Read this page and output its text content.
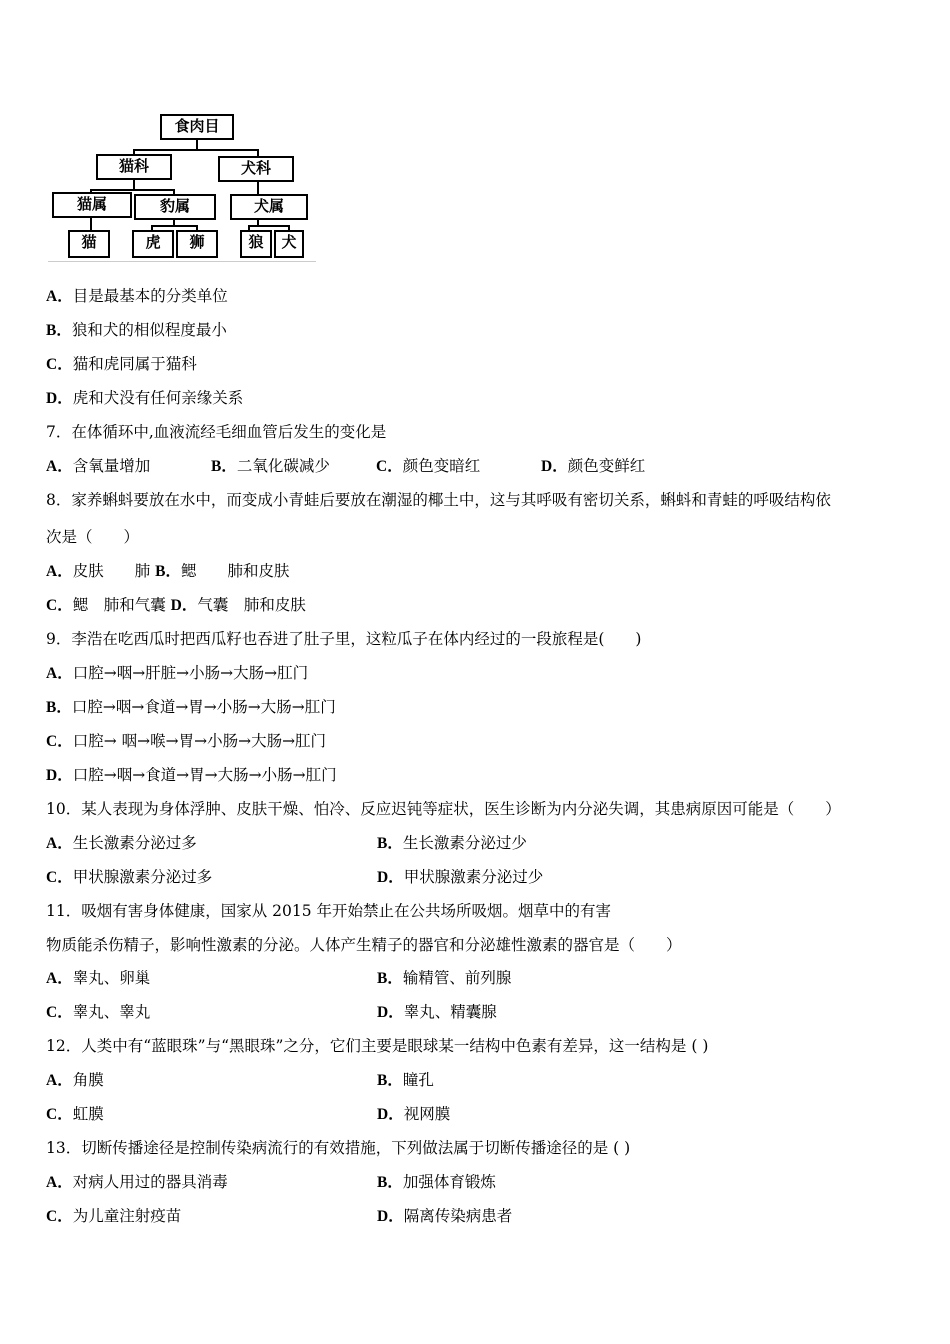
食肉目
猫科	犬科
猫属	豹属	犬属
猫	虎	狮	狼	犬
A．目是最基本的分类单位
B．狼和犬的相似程度最小
C．猫和虎同属于猫科
D．虎和犬没有任何亲缘关系
7．在体循环中,血液流经毛细血管后发生的变化是
A．含氧量增加	B．二氧化碳减少	C．颜色变暗红	D．颜色变鲜红
8．家养蝌蚪要放在水中，而变成小青蛙后要放在潮湿的椰土中，这与其呼吸有密切关系，蝌蚪和青蛙的呼吸结构依
次是（　　）
A．皮肤　　肺 B．鳃　　肺和皮肤
C．鳃　肺和气囊 D．气囊　肺和皮肤
9．李浩在吃西瓜时把西瓜籽也吞进了肚子里，这粒瓜子在体内经过的一段旅程是(　　)
A．口腔→咽→肝脏→小肠→大肠→肛门
B．口腔→咽→食道→胃→小肠→大肠→肛门
C．口腔→ 咽→喉→胃→小肠→大肠→肛门
D．口腔→咽→食道→胃→大肠→小肠→肛门
10．某人表现为身体浮肿、皮肤干燥、怕冷、反应迟钝等症状，医生诊断为内分泌失调，其患病原因可能是（　　）
A．生长激素分泌过多	B．生长激素分泌过少
C．甲状腺激素分泌过多	D．甲状腺激素分泌过少
11．吸烟有害身体健康，国家从 2015 年开始禁止在公共场所吸烟。烟草中的有害
物质能杀伤精子，影响性激素的分泌。人体产生精子的器官和分泌雄性激素的器官是（　　）
A．睾丸、卵巢	B．输精管、前列腺
C．睾丸、睾丸	D．睾丸、精囊腺
12．人类中有“蓝眼珠”与“黑眼珠”之分，它们主要是眼球某一结构中色素有差异，这一结构是 ( )
A．角膜	B．瞳孔
C．虹膜	D．视网膜
13．切断传播途径是控制传染病流行的有效措施，下列做法属于切断传播途径的是 ( )
A．对病人用过的器具消毒	B．加强体育锻炼
C．为儿童注射疫苗	D．隔离传染病患者
